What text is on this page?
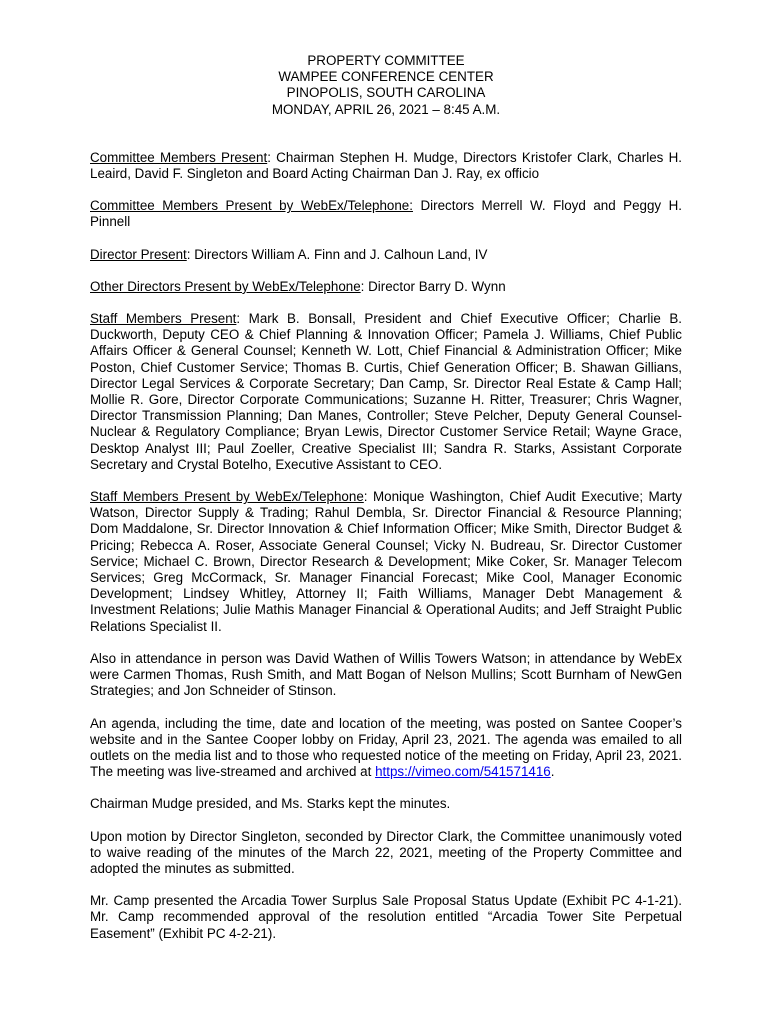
PROPERTY COMMITTEE
WAMPEE CONFERENCE CENTER
PINOPOLIS, SOUTH CAROLINA
MONDAY, APRIL 26, 2021 – 8:45 A.M.

Committee Members Present: Chairman Stephen H. Mudge, Directors Kristofer Clark, Charles H. Leaird, David F. Singleton and Board Acting Chairman Dan J. Ray, ex officio

Committee Members Present by WebEx/Telephone: Directors Merrell W. Floyd and Peggy H. Pinnell

Director Present: Directors William A. Finn and J. Calhoun Land, IV

Other Directors Present by WebEx/Telephone: Director Barry D. Wynn

Staff Members Present: Mark B. Bonsall, President and Chief Executive Officer; Charlie B. Duckworth, Deputy CEO & Chief Planning & Innovation Officer; Pamela J. Williams, Chief Public Affairs Officer & General Counsel; Kenneth W. Lott, Chief Financial & Administration Officer; Mike Poston, Chief Customer Service; Thomas B. Curtis, Chief Generation Officer; B. Shawan Gillians, Director Legal Services & Corporate Secretary; Dan Camp, Sr. Director Real Estate & Camp Hall; Mollie R. Gore, Director Corporate Communications; Suzanne H. Ritter, Treasurer; Chris Wagner, Director Transmission Planning; Dan Manes, Controller; Steve Pelcher, Deputy General Counsel-Nuclear & Regulatory Compliance; Bryan Lewis, Director Customer Service Retail; Wayne Grace, Desktop Analyst III; Paul Zoeller, Creative Specialist III; Sandra R. Starks, Assistant Corporate Secretary and Crystal Botelho, Executive Assistant to CEO.

Staff Members Present by WebEx/Telephone: Monique Washington, Chief Audit Executive; Marty Watson, Director Supply & Trading; Rahul Dembla, Sr. Director Financial & Resource Planning; Dom Maddalone, Sr. Director Innovation & Chief Information Officer; Mike Smith, Director Budget & Pricing; Rebecca A. Roser, Associate General Counsel; Vicky N. Budreau, Sr. Director Customer Service; Michael C. Brown, Director Research & Development; Mike Coker, Sr. Manager Telecom Services; Greg McCormack, Sr. Manager Financial Forecast; Mike Cool, Manager Economic Development; Lindsey Whitley, Attorney II; Faith Williams, Manager Debt Management & Investment Relations; Julie Mathis Manager Financial & Operational Audits; and Jeff Straight Public Relations Specialist II.

Also in attendance in person was David Wathen of Willis Towers Watson; in attendance by WebEx were Carmen Thomas, Rush Smith, and Matt Bogan of Nelson Mullins; Scott Burnham of NewGen Strategies; and Jon Schneider of Stinson.

An agenda, including the time, date and location of the meeting, was posted on Santee Cooper’s website and in the Santee Cooper lobby on Friday, April 23, 2021. The agenda was emailed to all outlets on the media list and to those who requested notice of the meeting on Friday, April 23, 2021. The meeting was live-streamed and archived at https://vimeo.com/541571416.

Chairman Mudge presided, and Ms. Starks kept the minutes.

Upon motion by Director Singleton, seconded by Director Clark, the Committee unanimously voted to waive reading of the minutes of the March 22, 2021, meeting of the Property Committee and adopted the minutes as submitted.

Mr. Camp presented the Arcadia Tower Surplus Sale Proposal Status Update (Exhibit PC 4-1-21). Mr. Camp recommended approval of the resolution entitled “Arcadia Tower Site Perpetual Easement” (Exhibit PC 4-2-21).
